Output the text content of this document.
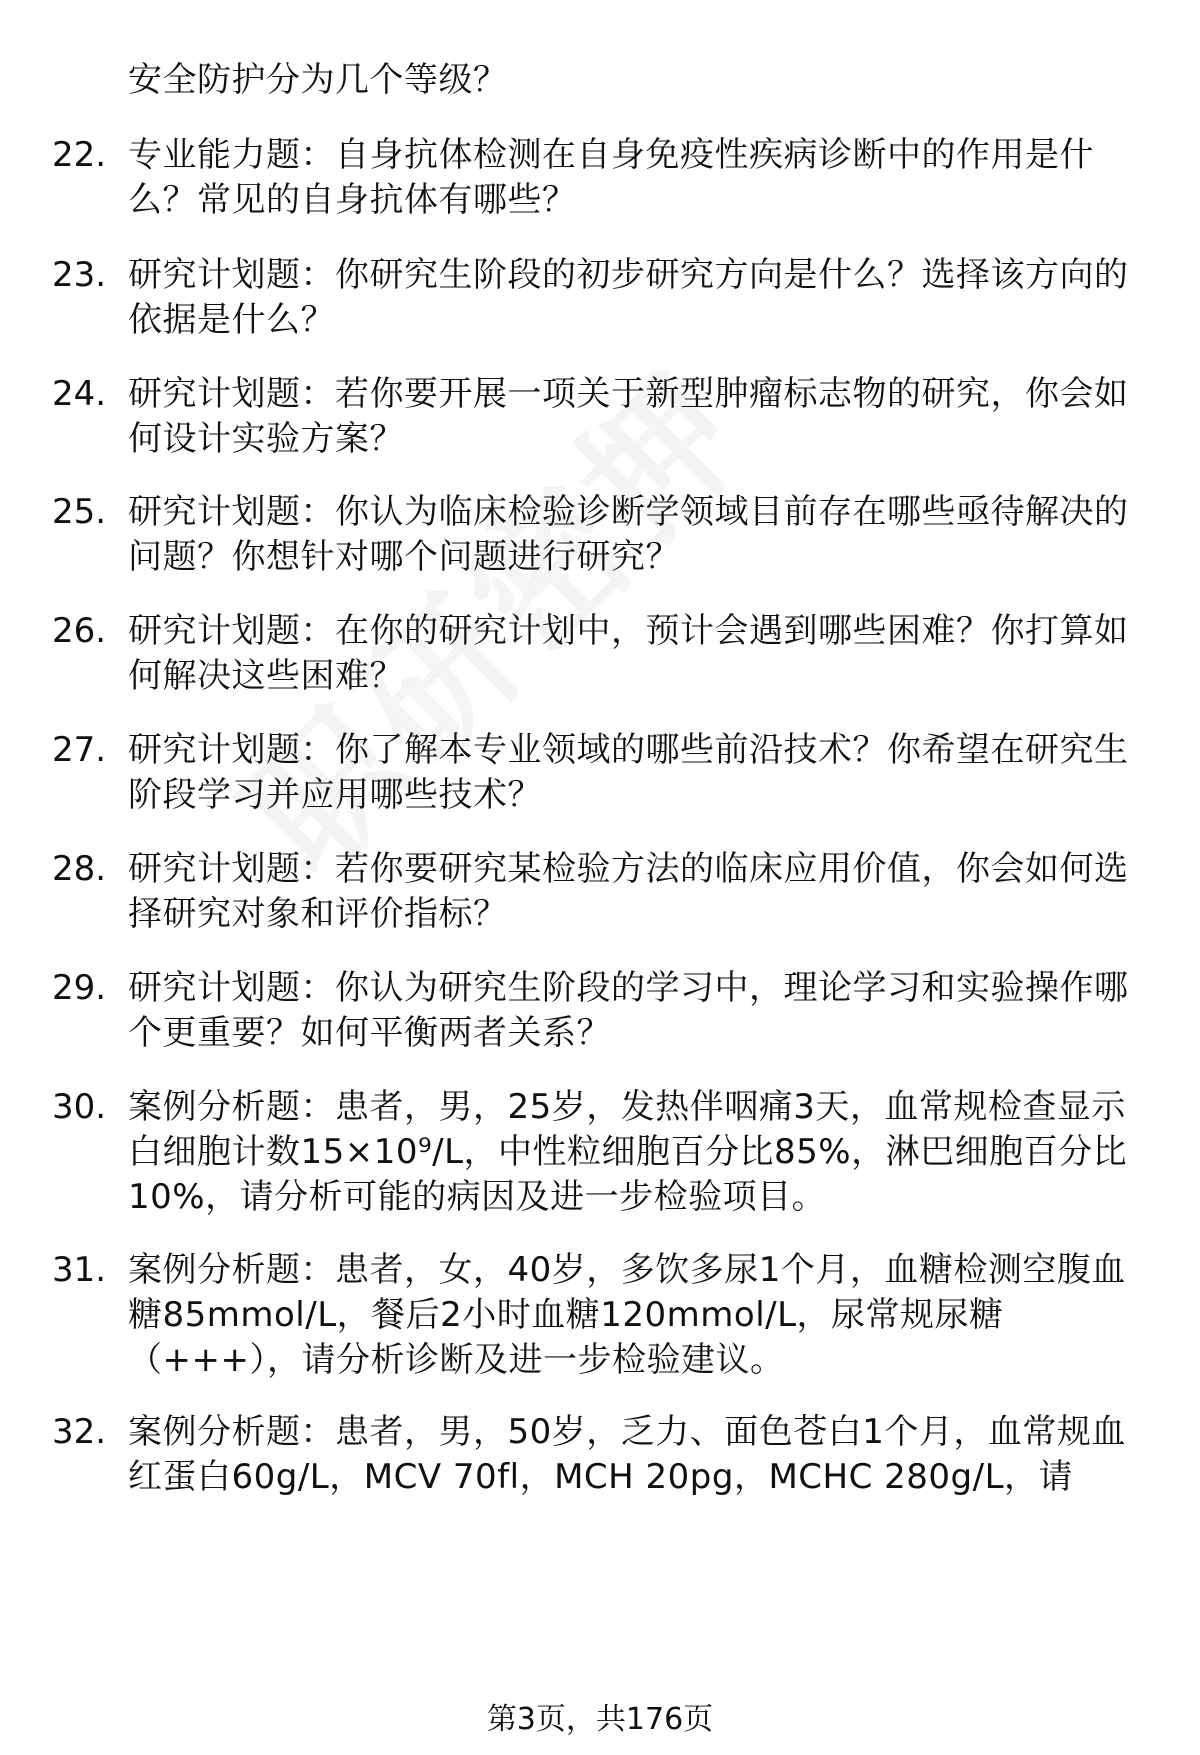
安全防护分为几个等级？
22. 专业能力题：自身抗体检测在自身免疫性疾病诊断中的作用是什么？常见的自身抗体有哪些？
23. 研究计划题：你研究生阶段的初步研究方向是什么？选择该方向的依据是什么？
24. 研究计划题：若你要开展一项关于新型肿瘤标志物的研究，你会如何设计实验方案？
25. 研究计划题：你认为临床检验诊断学领域目前存在哪些亟待解决的问题？你想针对哪个问题进行研究？
26. 研究计划题：在你的研究计划中，预计会遇到哪些困难？你打算如何解决这些困难？
27. 研究计划题：你了解本专业领域的哪些前沿技术？你希望在研究生阶段学习并应用哪些技术？
28. 研究计划题：若你要研究某检验方法的临床应用价值，你会如何选择研究对象和评价指标？
29. 研究计划题：你认为研究生阶段的学习中，理论学习和实验操作哪个更重要？如何平衡两者关系？
30. 案例分析题：患者，男，25岁，发热伴咽痛3天，血常规检查显示白细胞计数15×10⁹/L，中性粒细胞百分比85%，淋巴细胞百分比10%，请分析可能的病因及进一步检验项目。
31. 案例分析题：患者，女，40岁，多饮多尿1个月，血糖检测空腹血糖85mmol/L，餐后2小时血糖120mmol/L，尿常规尿糖（+++），请分析诊断及进一步检验建议。
32. 案例分析题：患者，男，50岁，乏力、面色苍白1个月，血常规血红蛋白60g/L，MCV 70fl，MCH 20pg，MCHC 280g/L，请
第3页，共176页
